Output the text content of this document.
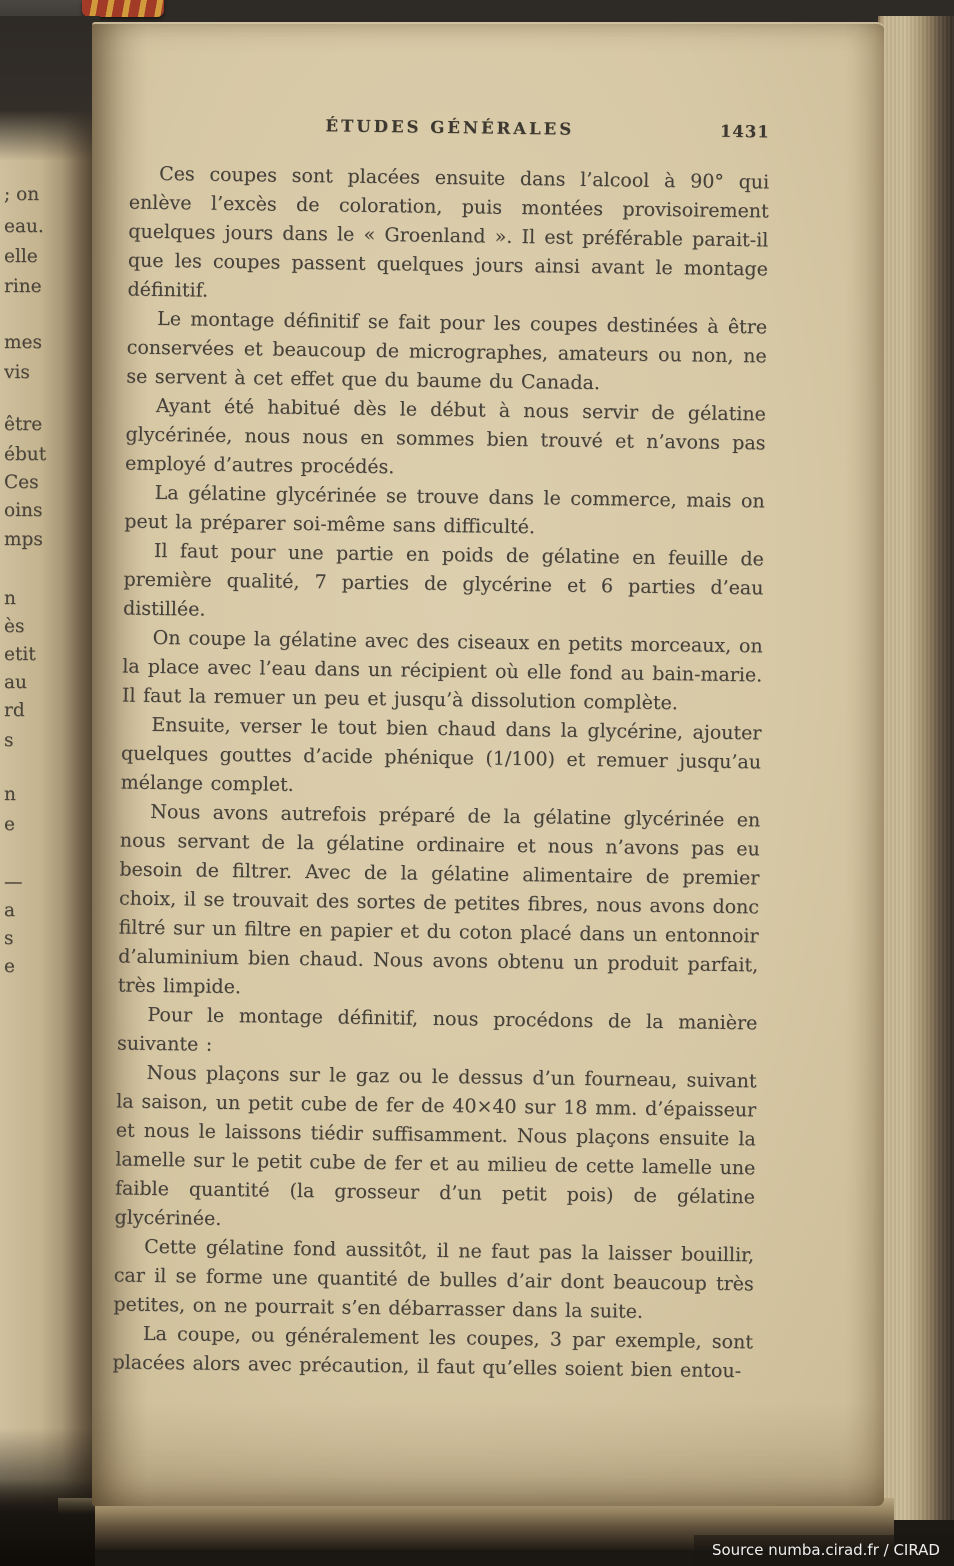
; on
eau.
elle
rine
mes
vis
être
ébut
Ces
oins
mps
n
ès
etit
au
rd
s
n
e
—
a
s
e
ÉTUDES GÉNÉRALES	1431

Ces coupes sont placées ensuite dans l’alcool à 90° qui enlève l’excès de coloration, puis montées provisoirement quelques jours dans le « Groenland ». Il est préférable parait-il que les coupes passent quelques jours ainsi avant le montage définitif.

Le montage définitif se fait pour les coupes destinées à être conservées et beaucoup de micrographes, amateurs ou non, ne se servent à cet effet que du baume du Canada.

Ayant été habitué dès le début à nous servir de gélatine glycérinée, nous nous en sommes bien trouvé et n’avons pas employé d’autres procédés.

La gélatine glycérinée se trouve dans le commerce, mais on peut la préparer soi-même sans difficulté.

Il faut pour une partie en poids de gélatine en feuille de première qualité, 7 parties de glycérine et 6 parties d’eau distillée.

On coupe la gélatine avec des ciseaux en petits morceaux, on la place avec l’eau dans un récipient où elle fond au bain-marie. Il faut la remuer un peu et jusqu’à dissolution complète.

Ensuite, verser le tout bien chaud dans la glycérine, ajouter quelques gouttes d’acide phénique (1/100) et remuer jusqu’au mélange complet.

Nous avons autrefois préparé de la gélatine glycérinée en nous servant de la gélatine ordinaire et nous n’avons pas eu besoin de filtrer. Avec de la gélatine alimentaire de premier choix, il se trouvait des sortes de petites fibres, nous avons donc filtré sur un filtre en papier et du coton placé dans un entonnoir d’aluminium bien chaud. Nous avons obtenu un produit parfait, très limpide.

Pour le montage définitif, nous procédons de la manière suivante :

Nous plaçons sur le gaz ou le dessus d’un fourneau, suivant la saison, un petit cube de fer de 40×40 sur 18 mm. d’épaisseur et nous le laissons tiédir suffisamment. Nous plaçons ensuite la lamelle sur le petit cube de fer et au milieu de cette lamelle une faible quantité (la grosseur d’un petit pois) de gélatine glycérinée.

Cette gélatine fond aussitôt, il ne faut pas la laisser bouillir, car il se forme une quantité de bulles d’air dont beaucoup très petites, on ne pourrait s’en débarrasser dans la suite.

La coupe, ou généralement les coupes, 3 par exemple, sont placées alors avec précaution, il faut qu’elles soient bien entou-

Source numba.cirad.fr / CIRAD
